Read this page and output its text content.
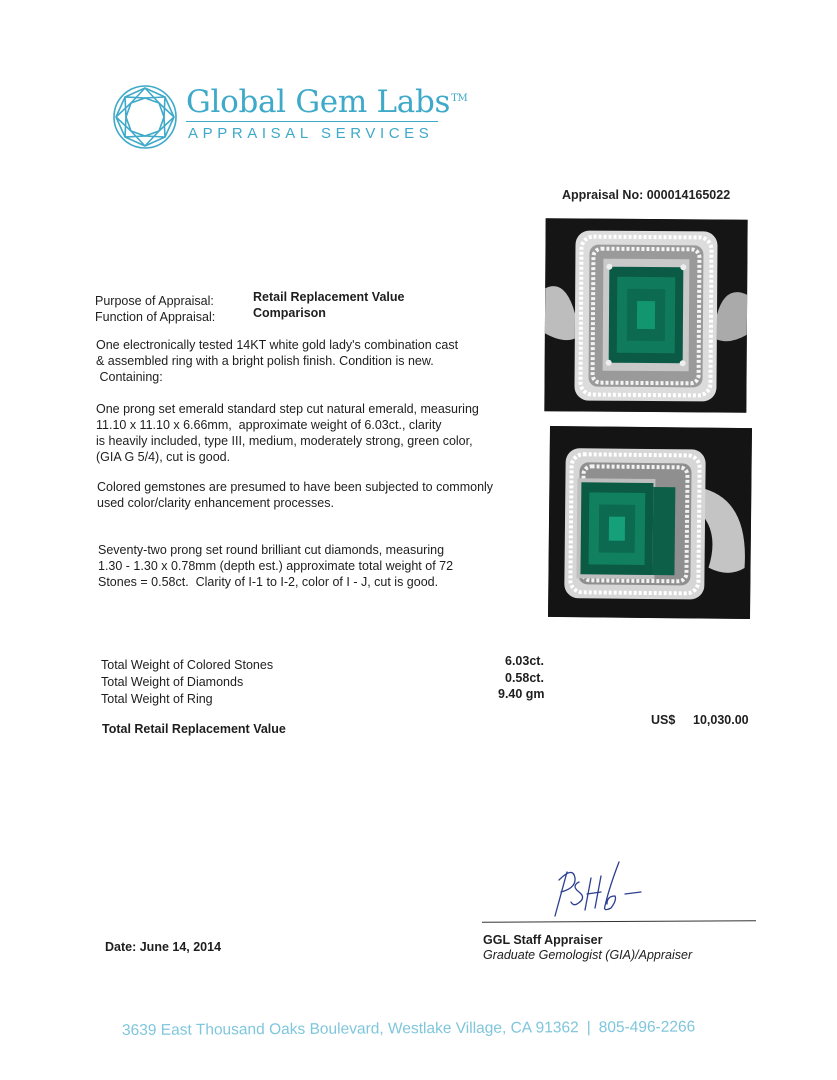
Global Gem Labs™
APPRAISAL SERVICES
Appraisal No: 000014165022
Purpose of Appraisal:	Retail Replacement Value
Function of Appraisal:	Comparison
One electronically tested 14KT white gold lady's combination cast
& assembled ring with a bright polish finish. Condition is new.
Containing:
One prong set emerald standard step cut natural emerald, measuring
11.10 x 11.10 x 6.66mm,  approximate weight of 6.03ct., clarity
is heavily included, type III, medium, moderately strong, green color,
(GIA G 5/4), cut is good.
Colored gemstones are presumed to have been subjected to commonly
used color/clarity enhancement processes.
Seventy-two prong set round brilliant cut diamonds, measuring
1.30 - 1.30 x 0.78mm (depth est.) approximate total weight of 72
Stones = 0.58ct.  Clarity of I-1 to I-2, color of I - J, cut is good.
Total Weight of Colored Stones	6.03ct.
Total Weight of Diamonds	0.58ct.
Total Weight of Ring	9.40 gm
Total Retail Replacement Value
US$ 10,030.00
Date: June 14, 2014	GGL Staff Appraiser
Graduate Gemologist (GIA)/Appraiser
3639 East Thousand Oaks Boulevard, Westlake Village, CA 91362 | 805-496-2266
